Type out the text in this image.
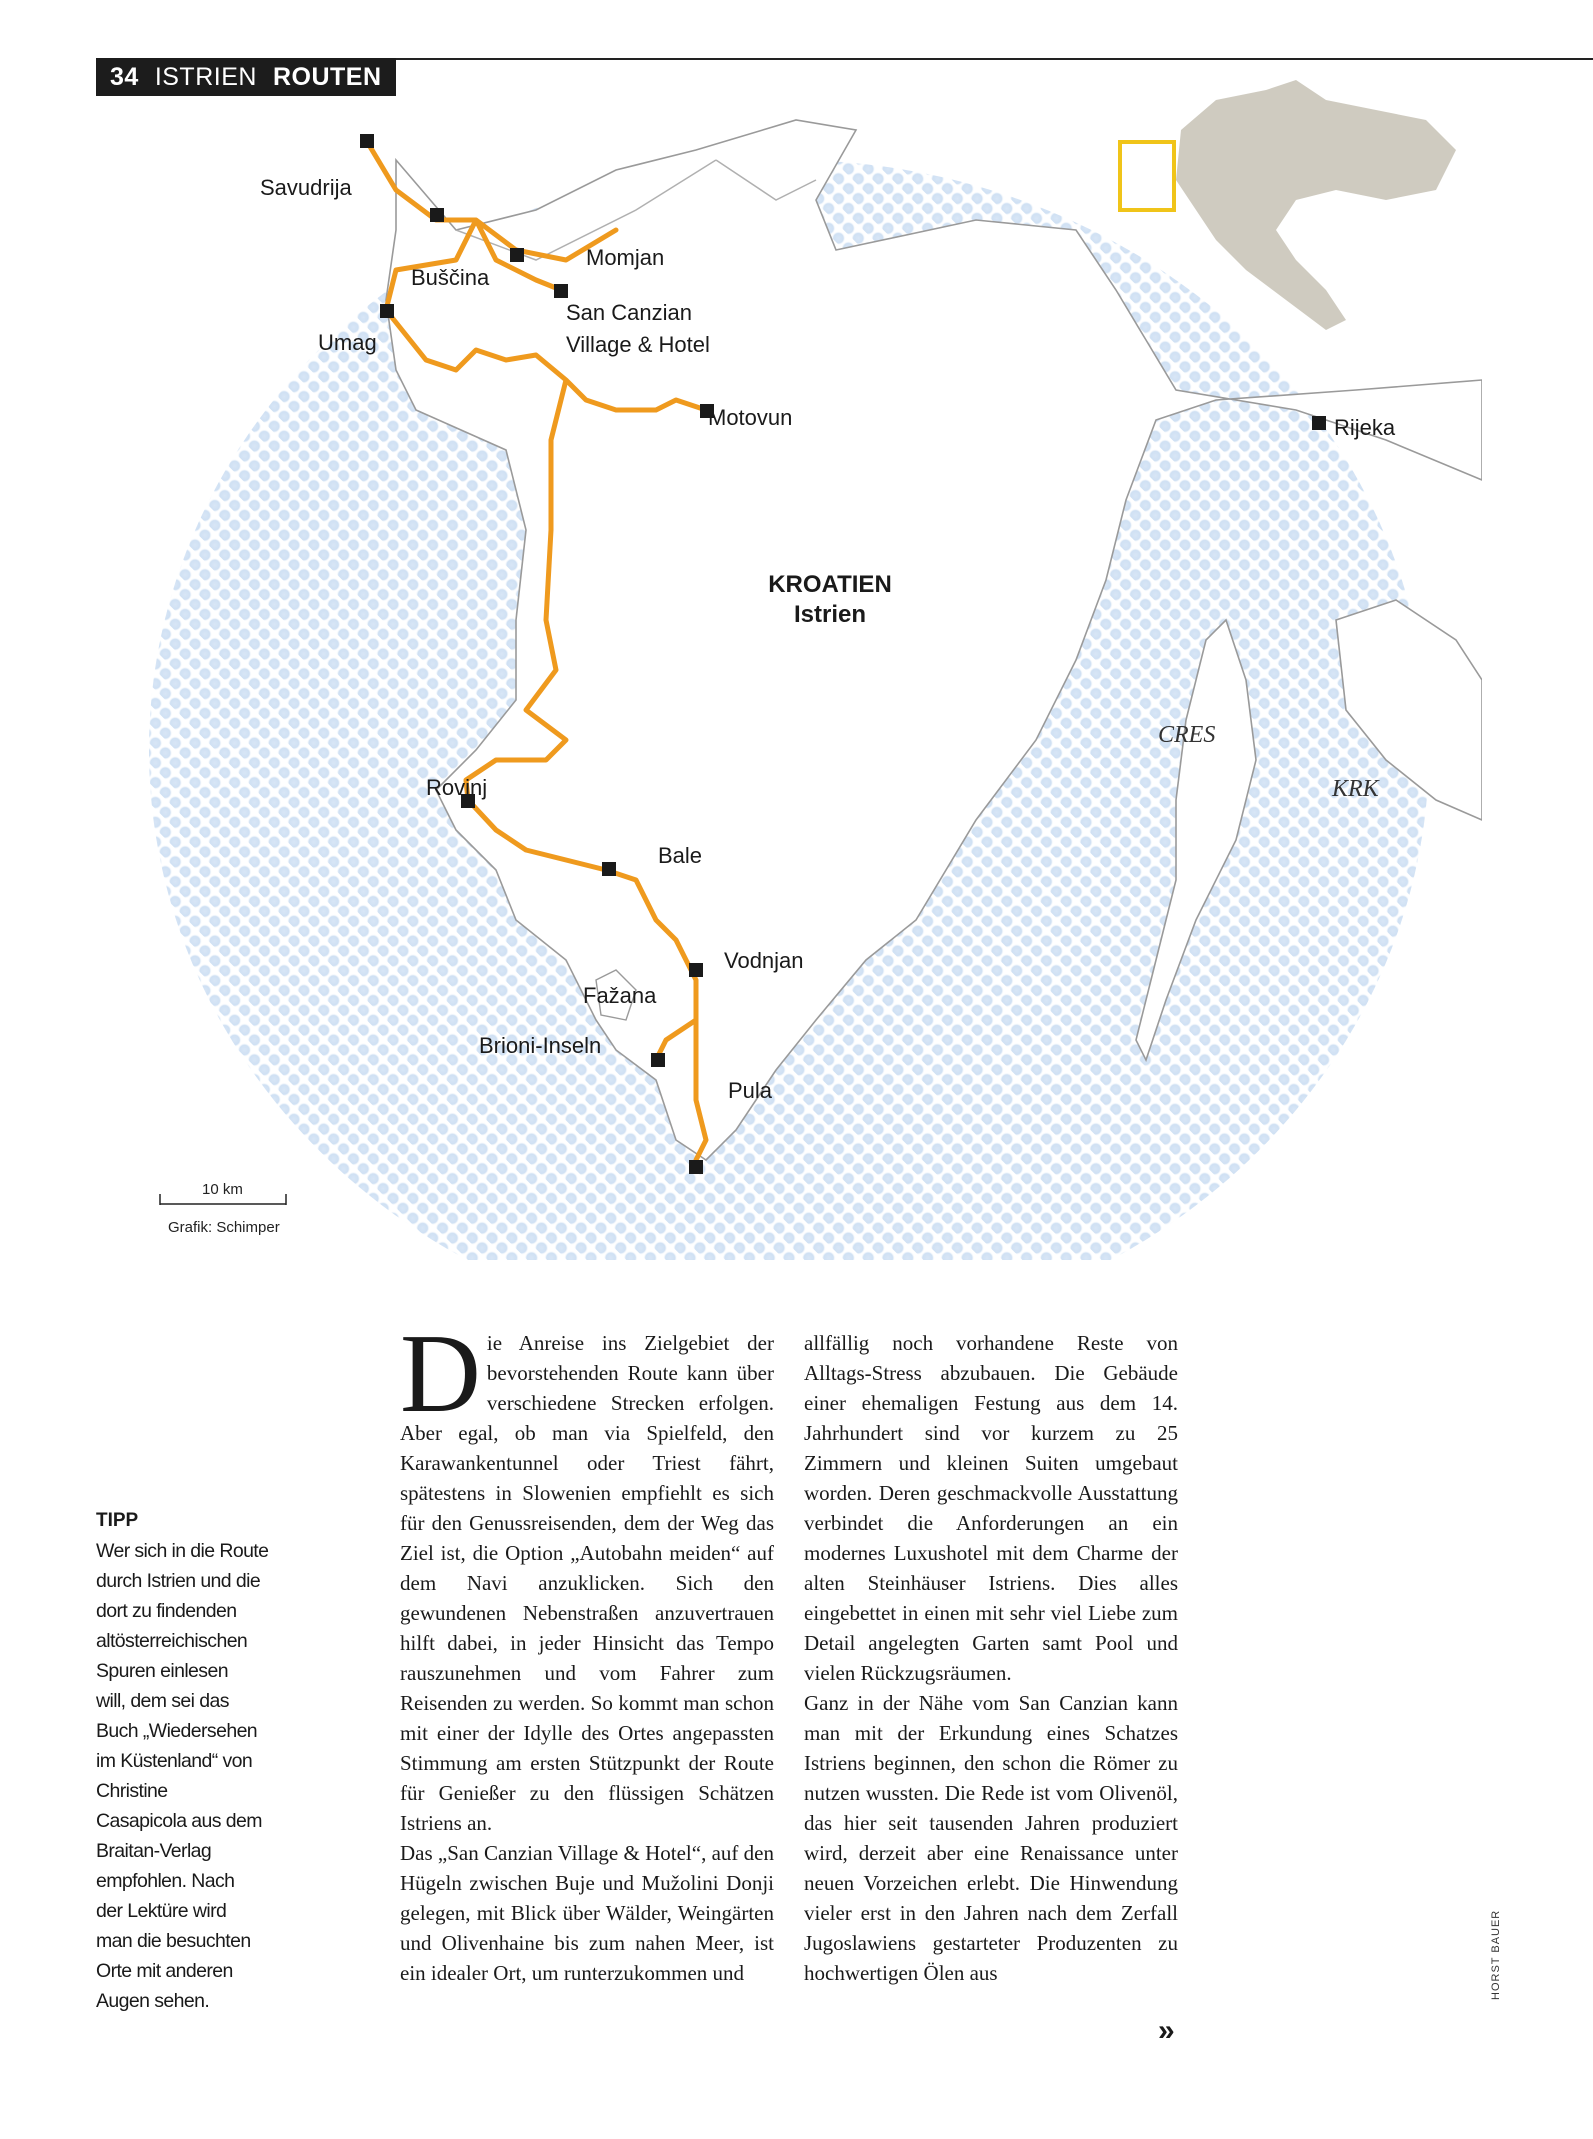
Savudrija
Buščina
Momjan
San Canzian
Village & Hotel
Umag
Motovun	Rijeka
Rovinj
Bale
Vodnjan
Fažana
Brioni-Inseln
Pula
KROATIEN
Istrien
CRES
KRK
10 km
Grafik: Schimper
TIPP
Wer sich in die Route
durch Istrien und die
dort zu findenden
altösterreichischen
Spuren einlesen
will, dem sei das
Buch „Wiedersehen
im Küstenland“ von
Christine
Casapicola aus dem
Braitan-Verlag
empfohlen. Nach
der Lektüre wird
man die besuchten
Orte mit anderen
Augen sehen.

Die Anreise ins Zielgebiet der bevorstehenden Route kann über verschiedene Strecken erfolgen. Aber egal, ob man via Spielfeld, den Karawankentunnel oder Triest fährt, spätestens in Slowenien empfiehlt es sich für den Genussreisenden, dem der Weg das Ziel ist, die Option „Autobahn meiden“ auf dem Navi anzuklicken. Sich den gewundenen Nebenstraßen anzuvertrauen hilft dabei, in jeder Hinsicht das Tempo rauszunehmen und vom Fahrer zum Reisenden zu werden. So kommt man schon mit einer der Idylle des Ortes angepassten Stimmung am ersten Stützpunkt der Route für Genießer zu den flüssigen Schätzen Istriens an.

Das „San Canzian Village & Hotel“, auf den Hügeln zwischen Buje und Mužolini Donji gelegen, mit Blick über Wälder, Weingärten und Olivenhaine bis zum nahen Meer, ist ein idealer Ort, um runterzukommen und

allfällig noch vorhandene Reste von Alltags-Stress abzubauen. Die Gebäude einer ehemaligen Festung aus dem 14. Jahrhundert sind vor kurzem zu 25 Zimmern und kleinen Suiten umgebaut worden. Deren geschmackvolle Ausstattung verbindet die Anforderungen an ein modernes Luxushotel mit dem Charme der alten Steinhäuser Istriens. Dies alles eingebettet in einen mit sehr viel Liebe zum Detail angelegten Garten samt Pool und vielen Rückzugsräumen.

Ganz in der Nähe vom San Canzian kann man mit der Erkundung eines Schatzes Istriens beginnen, den schon die Römer zu nutzen wussten. Die Rede ist vom Olivenöl, das hier seit tausenden Jahren produziert wird, derzeit aber eine Renaissance unter neuen Vorzeichen erlebt. Die Hinwendung vieler erst in den Jahren nach dem Zerfall Jugoslawiens gestarteter Produzenten zu hochwertigen Ölen aus

»
HORST BAUER
